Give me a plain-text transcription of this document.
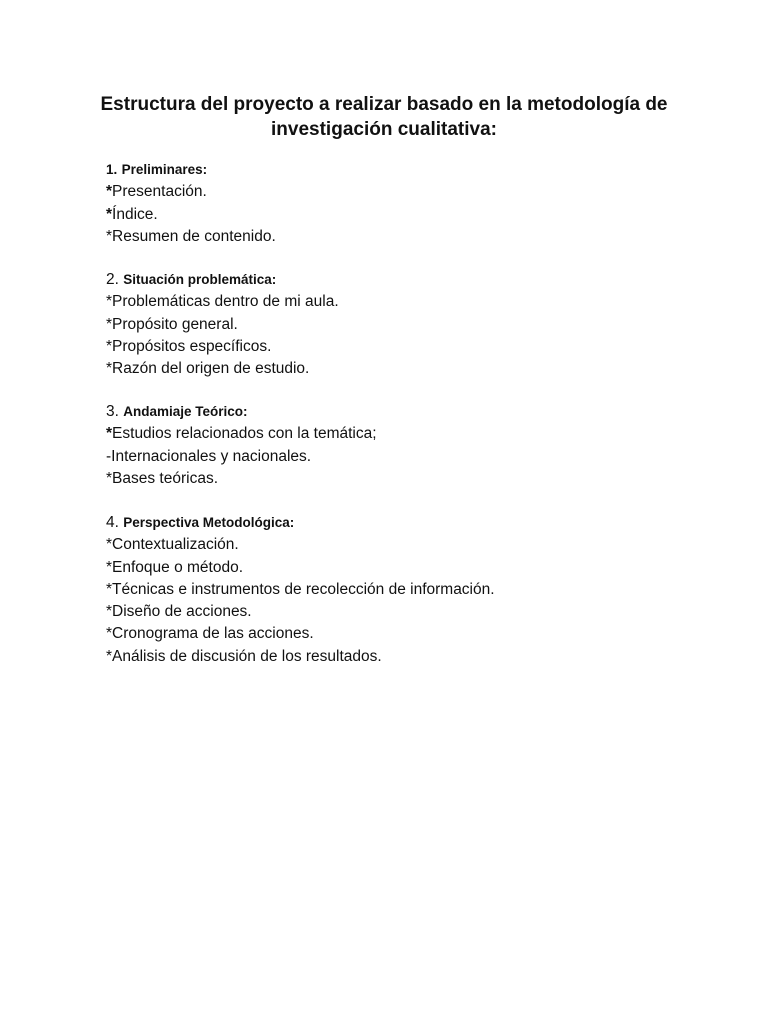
Estructura del proyecto a realizar basado en la metodología de
investigación cualitativa:
1. Preliminares:
*Presentación.
*Índice.
*Resumen de contenido.
2. Situación problemática:
*Problemáticas dentro de mi aula.
*Propósito general.
*Propósitos específicos.
*Razón del origen de estudio.
3. Andamiaje Teórico:
*Estudios relacionados con la temática;
-Internacionales y nacionales.
*Bases teóricas.
4. Perspectiva Metodológica:
*Contextualización.
*Enfoque o método.
*Técnicas e instrumentos de recolección de información.
*Diseño de acciones.
*Cronograma de las acciones.
*Análisis de discusión de los resultados.
